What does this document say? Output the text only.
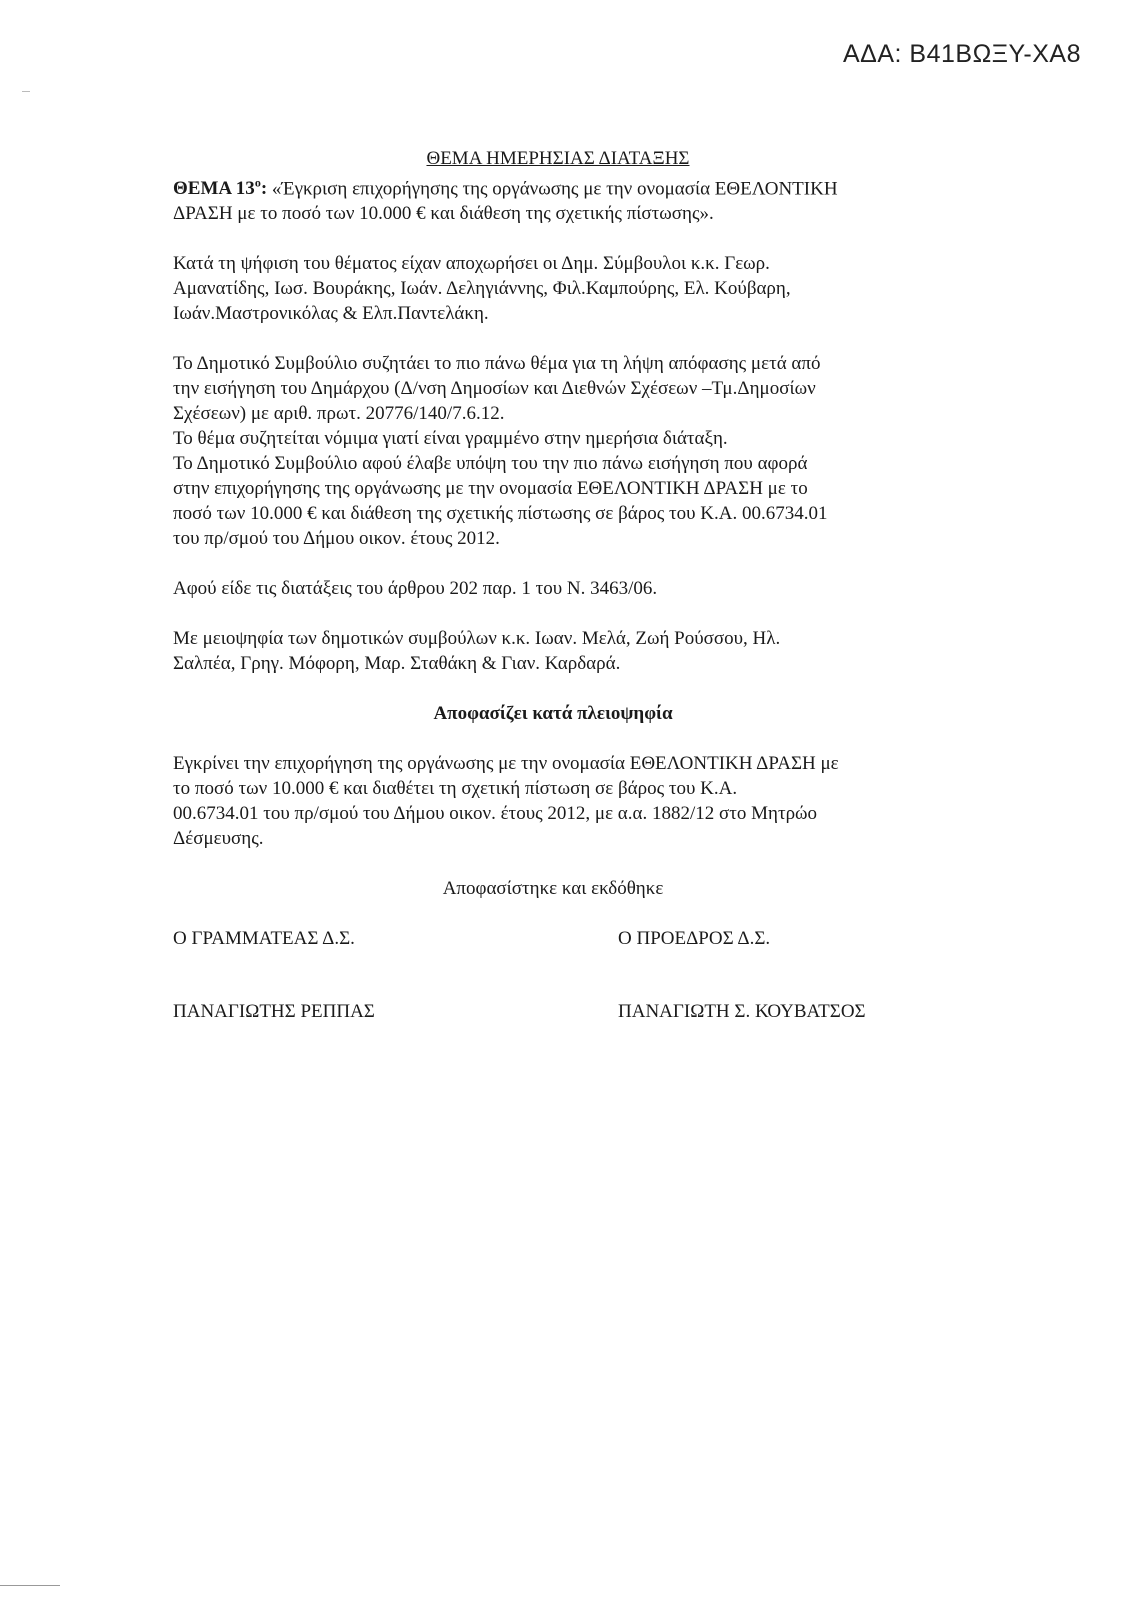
ΑΔΑ: Β41ΒΩΞΥ-ΧΑ8
ΘΕΜΑ ΗΜΕΡΗΣΙΑΣ ΔΙΑΤΑΞΗΣ

ΘΕΜΑ $13^o$: «Έγκριση επιχορήγησης της οργάνωσης με την ονομασία ΕΘΕΛΟΝΤΙΚΗ

ΔΡΑΣΗ με το ποσό των 10.000 € και διάθεση της σχετικής πίστωσης».

Κατά τη ψήφιση του θέματος είχαν αποχωρήσει οι Δημ. Σύμβουλοι κ.κ. Γεωρ.

Αμανατίδης, Ιωσ. Βουράκης, Ιωάν. Δεληγιάννης, Φιλ.Καμπούρης, Ελ. Κούβαρη,

Ιωάν.Μαστρονικόλας & Ελπ.Παντελάκη.

Το Δημοτικό Συμβούλιο συζητάει το πιο πάνω θέμα για τη λήψη απόφασης μετά από

την εισήγηση του Δημάρχου (Δ/νση Δημοσίων και Διεθνών Σχέσεων –Τμ.Δημοσίων

Σχέσεων) με αριθ. πρωτ. 20776/140/7.6.12.

Το θέμα συζητείται νόμιμα γιατί είναι γραμμένο στην ημερήσια διάταξη.

Το Δημοτικό Συμβούλιο αφού έλαβε υπόψη του την πιο πάνω εισήγηση που αφορά

στην επιχορήγησης της οργάνωσης με την ονομασία ΕΘΕΛΟΝΤΙΚΗ ΔΡΑΣΗ με το

ποσό των 10.000 € και διάθεση της σχετικής πίστωσης σε βάρος του Κ.Α. 00.6734.01

του πρ/σμού του Δήμου οικον. έτους 2012.

Αφού είδε τις διατάξεις του άρθρου 202 παρ. 1 του Ν. 3463/06.

Με μειοψηφία των δημοτικών συμβούλων κ.κ. Ιωαν. Μελά, Ζωή Ρούσσου, Ηλ.

Σαλπέα, Γρηγ. Μόφορη, Μαρ. Σταθάκη & Γιαν. Καρδαρά.

Αποφασίζει κατά πλειοψηφία

Εγκρίνει την επιχορήγηση της οργάνωσης με την ονομασία ΕΘΕΛΟΝΤΙΚΗ ΔΡΑΣΗ με

το ποσό των 10.000 € και διαθέτει τη σχετική πίστωση σε βάρος του Κ.Α.

00.6734.01 του πρ/σμού του Δήμου οικον. έτους 2012, με α.α. 1882/12 στο Μητρώο

Δέσμευσης.

Αποφασίστηκε και εκδόθηκε

Ο ΓΡΑΜΜΑΤΕΑΣ Δ.Σ.	Ο ΠΡΟΕΔΡΟΣ Δ.Σ.
ΠΑΝΑΓΙΩΤΗΣ ΡΕΠΠΑΣ	ΠΑΝΑΓΙΩΤΗ Σ. ΚΟΥΒΑΤΣΟΣ
